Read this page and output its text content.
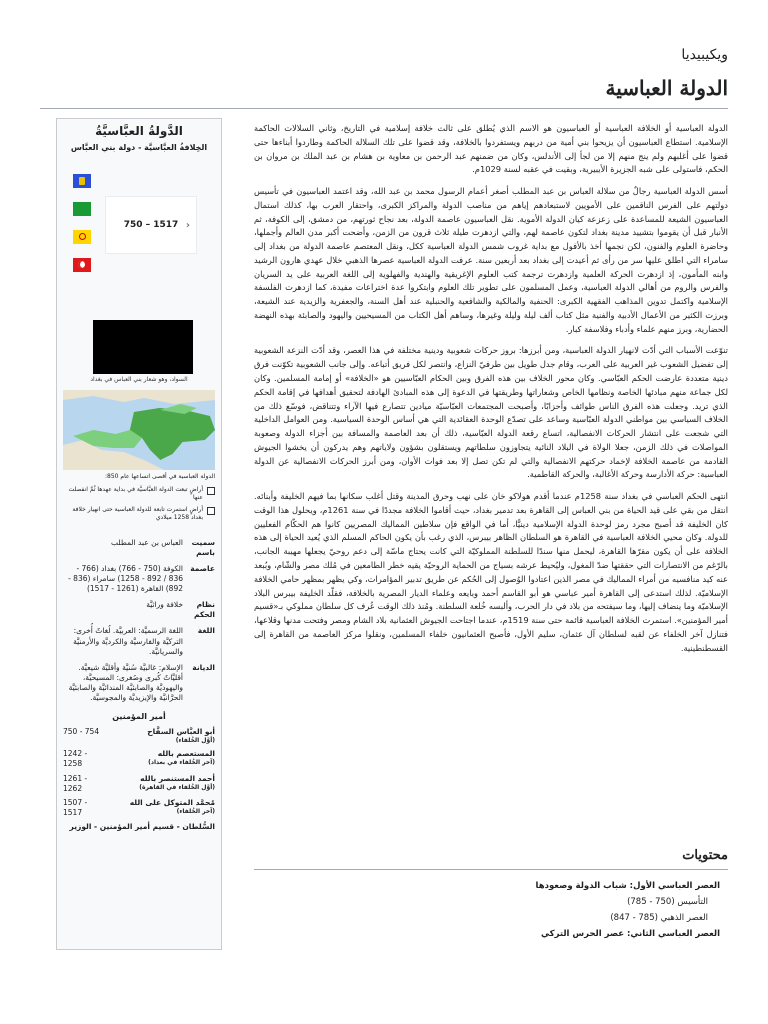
ويكيبيديا
الدولة العباسية
الدَّولةُ العبَّاسيَّةُ
الخِلافةُ العبَّاسيَّة - دولة بني العبَّاس
750 – 1517 ›
السواد، وهو شعار بني العباس في بغداد
الدولة العباسية في أقصى اتساعها عام 850:
أراضٍ تبعت الدولة العبَّاسيَّة في بداية عهدها ثُمَّ انفصلت عنها
أراضٍ استمرت تابعة للدولة العباسية حتى انهيار خلافة بغداد 1258 ميلادي
سميت باسم
العباس بن عبد المطلب
عاصمة
الكوفة (750 - 766) بغداد (766 - 836 / 892 - 1258) سامراء (836 - 892) القاهرة (1261 - 1517)
نظام الحكم
خلافة وراثيَّة
اللغة
اللغة الرسميَّة: العربيَّة. لُغاتٌ أُخرى: التركيَّة والفارسيَّة والكرديَّة والأرمنيَّة والسريانيَّة.
الديانة
الإسلام: غالبيَّة سُنيَّة وأقليَّة شيعيَّة. أقليَّاتٌ كُبرى وصُغرى: المسيحيَّة، واليهوديَّة والصابئيَّة المندائيَّة والصابئيَّة الحرَّانيَّة والإيزيديَّة والمجوسيَّة.
أمير المؤمنين
أبو العبَّاس السفَّاح
(أوَّل الخُلفاء)
750 - 754
المستعصم بالله
(آخر الخُلفاء في بغداد)
1242 - 1258
أحمد المستنصر بالله
(أوَّل الخُلفاء في القاهرة)
1261 - 1262
مُحمَّد المتوكل على الله
(آخر الخُلفاء)
1507 - 1517
السُّلطان - قسيم أمير المؤمنين - الوزير

الدولة العباسية أو الخلافة العباسية أو العباسيون هو الاسم الذي يُطلق على ثالث خلافة إسلامية في التاريخ، وثاني السلالات الحاكمة الإسلامية. استطاع العباسيون أن يزيحوا بني أمية من دربهم ويستفردوا بالخلافة، وقد قضوا على تلك السلالة الحاكمة وطاردوا أبناءها حتى قضوا على أغلبهم ولم ينج منهم إلا من لجأ إلى الأندلس، وكان من ضمنهم عبد الرحمن بن معاوية بن هشام بن عبد الملك بن مروان بن الحكم، فاستولى على شبه الجزيرة الأيبيرية، وبقيت في عقبه لسنة 1029م.

أسس الدولة العباسية رجالٌ من سلالة العباس بن عبد المطلب أصغر أعمام الرسول محمد بن عبد الله، وقد اعتمد العباسيون في تأسيس دولتهم على الفرس الناقمين على الأمويين لاستبعادهم إياهم من مناصب الدولة والمراكز الكبرى، واحتقار العرب بها، كذلك استمال العباسيون الشيعة للمساعدة على زعزعة كيان الدولة الأموية. نقل العباسيون عاصمة الدولة، بعد نجاح ثورتهم، من دمشق، إلى الكوفة، ثم الأنبار قبل أن يقوموا بتشييد مدينة بغداد لتكون عاصمة لهم، والتي ازدهرت طيلة ثلاث قرون من الزمن، وأضحت أكبر مدن العالم وأجملها، وحاضرة العلوم والفنون، لكن نجمها أخذ بالأفول مع بداية غروب شمس الدولة العباسية ككل، ونقل المعتصم عاصمة الدولة من بغداد إلى سامراء التي اطلق عليها سر من رأى ثم أعيدت إلى بغداد بعد أربعين سنة. عرفت الدولة العباسية عصرها الذهبي خلال عهدي هارون الرشيد وابنه المأمون، إذ ازدهرت الحركة العلمية وازدهرت ترجمة كتب العلوم الإغريقية والهندية والفهلوية إلى اللغة العربية على يد السريان والفرس والروم من أهالي الدولة العباسية، وعمل المسلمون على تطوير تلك العلوم وابتكروا عدة اختراعات مفيدة، كما ازدهرت الفلسفة الإسلامية واكتمل تدوين المذاهب الفقهية الكبرى: الحنفية والمالكية والشافعية والحنبلية عند أهل السنة، والجعفرية والزيدية عند الشيعة، وبرزت الكثير من الأعمال الأدبية والفنية مثل كتاب ألف ليلة وليلة وغيرها، وساهم أهل الكتاب من المسيحيين واليهود والصابئة بهذه النهضة الحضارية، وبرز منهم علماء وأدباء وفلاسفة كبار.

تنوّعت الأسباب التي أدّت لانهيار الدولة العباسية، ومن أبرزها: بروز حركات شعوبية ودينية مختلفة في هذا العصر، وقد أدّت النزعة الشعوبية إلى تفضيل الشعوب غير العربية على العرب، وقام جدل طويل بين طرفيّ النزاع، وانتصر لكل فريق أتباعه. وإلى جانب الشعوبية تكوّنت فرق دينية متعددة عارضت الحكم العبّاسي. وكان محور الخلاف بين هذه الفرق وبين الحكام العبّاسيين هو «الخلافة» أو إمامة المسلمين. وكان لكل جماعة منهم مبادئها الخاصة ونظامها الخاص وشعاراتها وطريقتها في الدعوة إلى هذه المبادئ الهادفة لتحقيق أهدافها في إقامة الحكم الذي تريد. وجعلت هذه الفرق الناس طوائف وأحزابًا، وأصبحت المجتمعات العبّاسيّة ميادين تتصارع فيها الآراء وتتناقض، فوسّع ذلك من الخلاف السياسي بين مواطني الدولة العبّاسية وساعد على تصدّع الوحدة العقائدية التي هي أساس الوحدة السياسية. ومن العوامل الداخلية التي شجعت على انتشار الحركات الانفصالية، اتساع رقعة الدولة العبّاسية، ذلك أن بعد العاصمة والمسافة بين أجزاء الدولة وصعوبة المواصلات في ذلك الزمن، جعلا الولاة في البلاد النائية يتجاوزون سلطاتهم ويستقلون بشؤون ولاياتهم وهم يدركون أن يخشوا الجيوش القادمة من عاصمة الخلافة لإخماد حركتهم الانفصالية والتي لم تكن تصل إلا بعد فوات الأوان، ومن أبرز الحركات الانفصالية عن الدولة العباسية: حركة الأدارسة وحركة الأغالبة، والحركة القاطمية.

انتهى الحكم العباسي في بغداد سنة 1258م عندما أقدم هولاكو خان على نهب وحرق المدينة وقتل أغلب سكانها بما فيهم الخليفة وأبنائه. انتقل من بقي على قيد الحياة من بني العباس إلى القاهرة بعد تدمير بغداد، حيث أقاموا الخلافة مجددًا في سنة 1261م، ويحلول هذا الوقت كان الخليفة قد أصبح مجرد رمز لوحدة الدولة الإسلامية دينيًّا، أما في الواقع فإن سلاطين المماليك المصريين كانوا هم الحكّام الفعليين للدولة. وكان محيي الخلافة العباسية في القاهرة هو السلطان الظاهر بيبرس، الذي رغب بأن يكون الحاكم المسلم الذي يُعيد الحياة إلى هذه الخلافة على أن يكون مقرّها القاهرة، ليحمل منها سندًا للسلطنة المملوكيّة التي كانت يحتاج ماسّة إلى دعم روحيّ يجعلها مهيبة الجانب، بالرّغم من الانتصارات التي حققتها ضدّ المغول، وليُحيط عرشه بسياج من الحماية الروحيّة يقيه خطر الطامعين في مُلك مصر والشّام، وبُبعد عنه كيد منافسيه من أمراء المماليك في مصر الذين اعتادوا الوُصول إلى الحُكم عن طريق تدبير المؤامرات، وكي يظهر بمظهر حامي الخلافة الإسلاميّة. لذلك استدعى إلى القاهرة أمير عباسي هو أبو القاسم أحمد وبايعه وعلماء الديار المصرية بالخلافة، فقلّد الخليفة بيبرس البلاد الإسلاميّة وما ينضاف إليها، وما سيفتحه من بلاد في دار الحرب، وألبسه خُلعة السلطنة. ومُنذ ذلك الوقت عُرف كل سلطان مملوكي بـ«قسيم أمير المؤمنين». استمرت الخلافة العباسية قائمة حتى سنة 1519م، عندما اجتاحت الجيوش العثمانية بلاد الشام ومصر وفتحت مدنها وقلاعها، فتنازل آخر الخلفاء عن لقبه لسلطان آل عثمان، سليم الأول، فأصبح العثمانيون خلفاء المسلمين، ونقلوا مركز العاصمة من القاهرة إلى القسطنطينية.

محتويات
العصر العباسي الأول: شباب الدولة وصعودها
التأسيس (750 - 785)
العصر الذهبي (785 - 847)
العصر العباسي الثاني: عصر الحرس التركي
